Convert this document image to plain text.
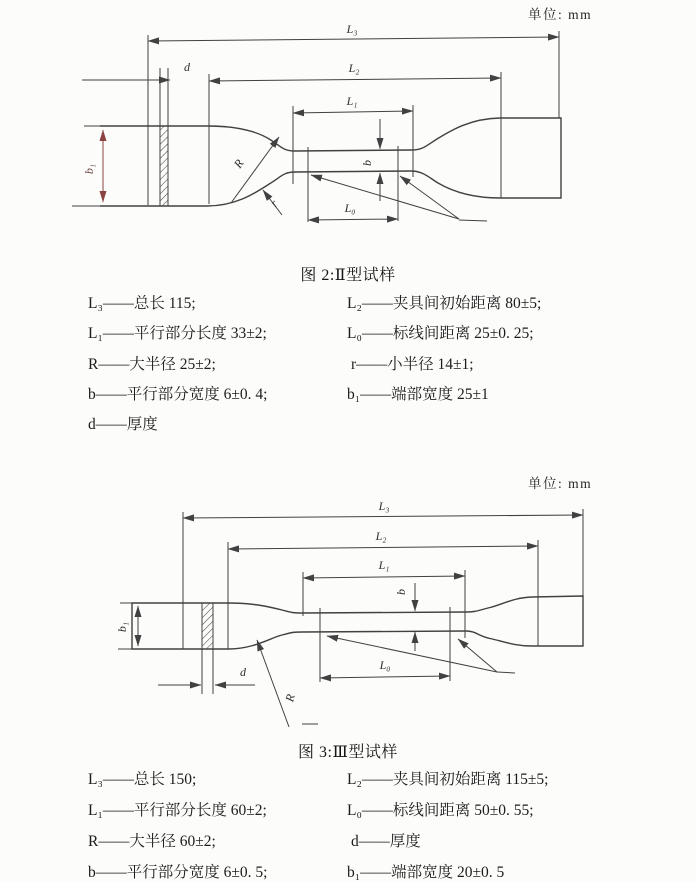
单位: mm
L₃
L₂
L₁
L₀
d
b
b₁	R
r
图 2:Ⅱ型试样
L₃——总长 115;	L₂——夹具间初始距离 80±5;
L₁——平行部分长度 33±2;	L₀——标线间距离 25±0. 25;
R——大半径 25±2;	r——小半径 14±1;
b——平行部分宽度 6±0. 4;	b₁——端部宽度 25±1
d——厚度
单位: mm
L₃
L₂
L₁
L₀
d
b
b₁
R
图 3:Ⅲ型试样
L₃——总长 150;	L₂——夹具间初始距离 115±5;
L₁——平行部分长度 60±2;	L₀——标线间距离 50±0. 55;
R——大半径 60±2;	d——厚度
b——平行部分宽度 6±0. 5;	b₁——端部宽度 20±0. 5
